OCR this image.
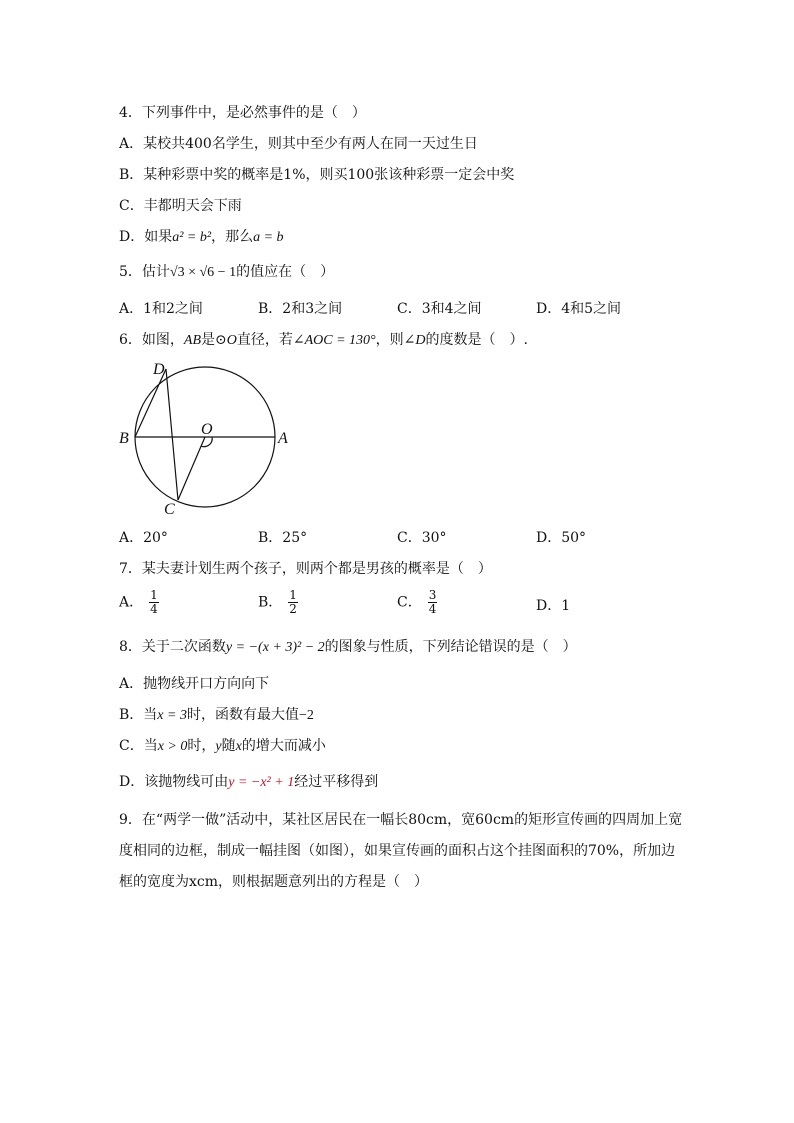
4．下列事件中，是必然事件的是（　）
A．某校共400名学生，则其中至少有两人在同一天过生日
B．某种彩票中奖的概率是1%，则买100张该种彩票一定会中奖
C．丰都明天会下雨
D．如果a² = b²，那么a = b
5．估计√3 × √6 − 1的值应在（　）
A．1和2之间	B．2和3之间	C．3和4之间	D．4和5之间
6．如图，AB是⊙O直径，若∠AOC = 130°，则∠D的度数是（　）.
D
B
O
A
C
A．20°	B．25°	C．30°	D．50°
7．某夫妻计划生两个孩子，则两个都是男孩的概率是（　）
A． $\frac{1}{4}$	B． $\frac{1}{2}$	C． $\frac{3}{4}$	D．1
8．关于二次函数y = −(x + 3)² − 2的图象与性质，下列结论错误的是（　）
A．抛物线开口方向向下
B．当x = 3时，函数有最大值−2
C．当x > 0时，y随x的增大而减小
D．该抛物线可由y = −x² + 1经过平移得到
9．在“两学一做”活动中，某社区居民在一幅长80cm，宽60cm的矩形宣传画的四周加上宽
度相同的边框，制成一幅挂图（如图），如果宣传画的面积占这个挂图面积的70%，所加边
框的宽度为xcm，则根据题意列出的方程是（　）
